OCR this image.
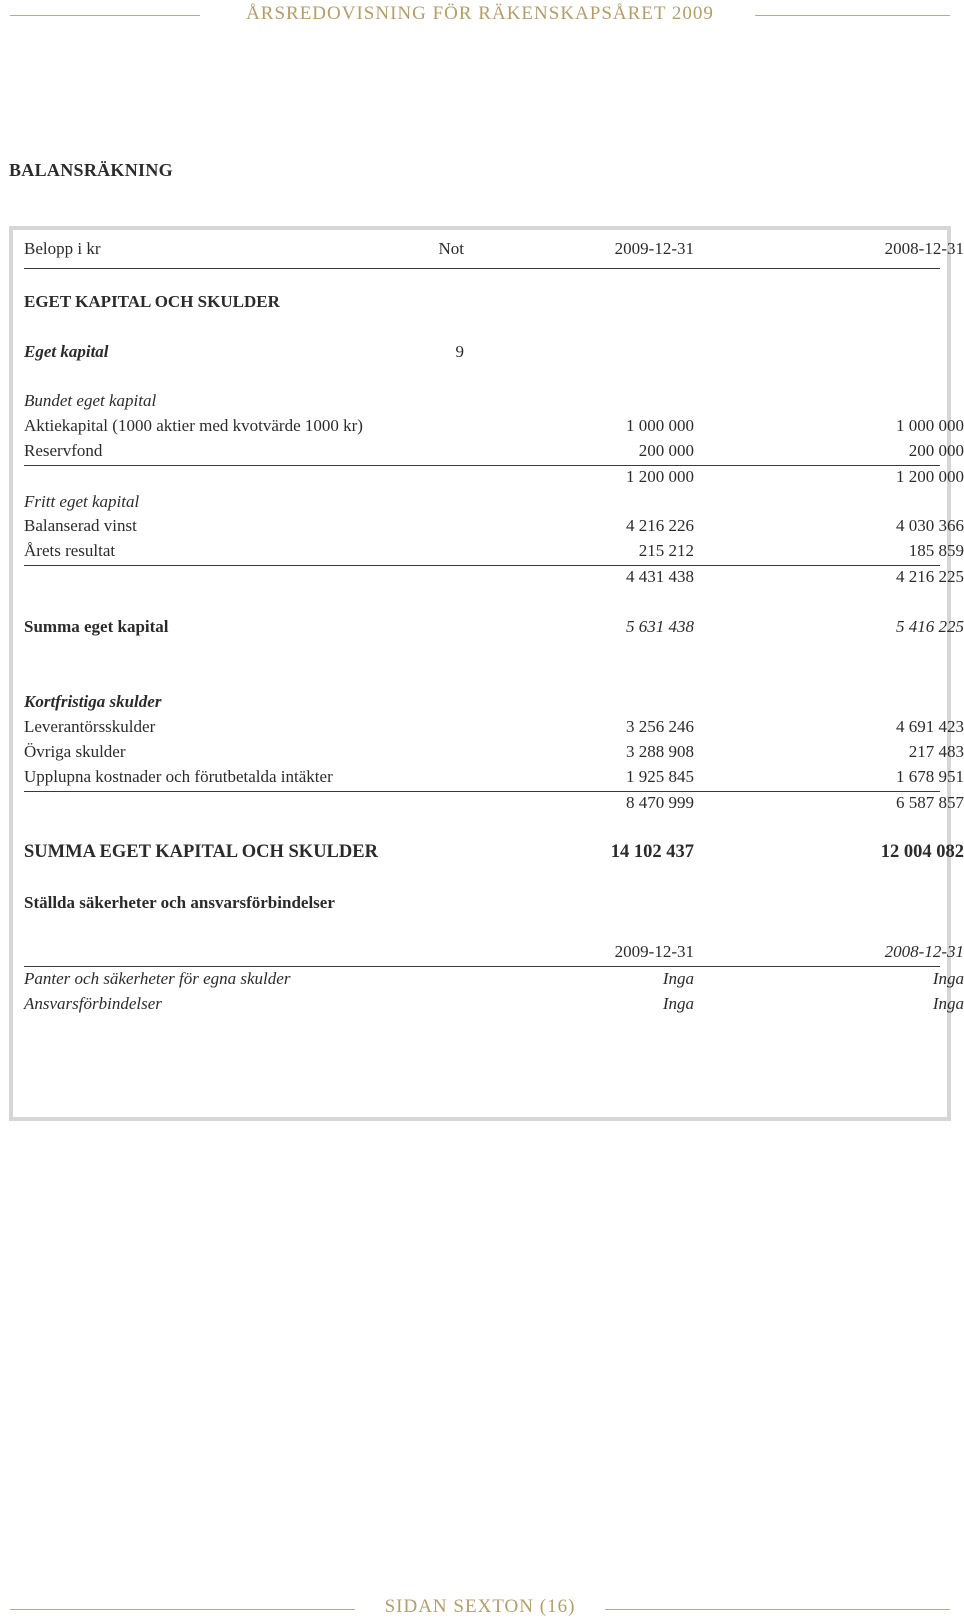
ÅRSREDOVISNING FÖR RÄKENSKAPSÅRET 2009
BALANSRÄKNING
Belopp i kr	Not	2009-12-31	2008-12-31
EGET KAPITAL OCH SKULDER
Eget kapital	9
Bundet eget kapital
Aktiekapital (1000 aktier med kvotvärde 1000 kr)	1 000 000	1 000 000
Reservfond	200 000	200 000
1 200 000	1 200 000
Fritt eget kapital
Balanserad vinst	4 216 226	4 030 366
Årets resultat	215 212	185 859
4 431 438	4 216 225
Summa eget kapital	5 631 438	5 416 225
Kortfristiga skulder
Leverantörsskulder	3 256 246	4 691 423
Övriga skulder	3 288 908	217 483
Upplupna kostnader och förutbetalda intäkter	1 925 845	1 678 951
8 470 999	6 587 857
SUMMA EGET KAPITAL OCH SKULDER	14 102 437	12 004 082
Ställda säkerheter och ansvarsförbindelser
2009-12-31	2008-12-31
Panter och säkerheter för egna skulder	Inga	Inga
Ansvarsförbindelser	Inga	Inga
SIDAN SEXTON (16)
